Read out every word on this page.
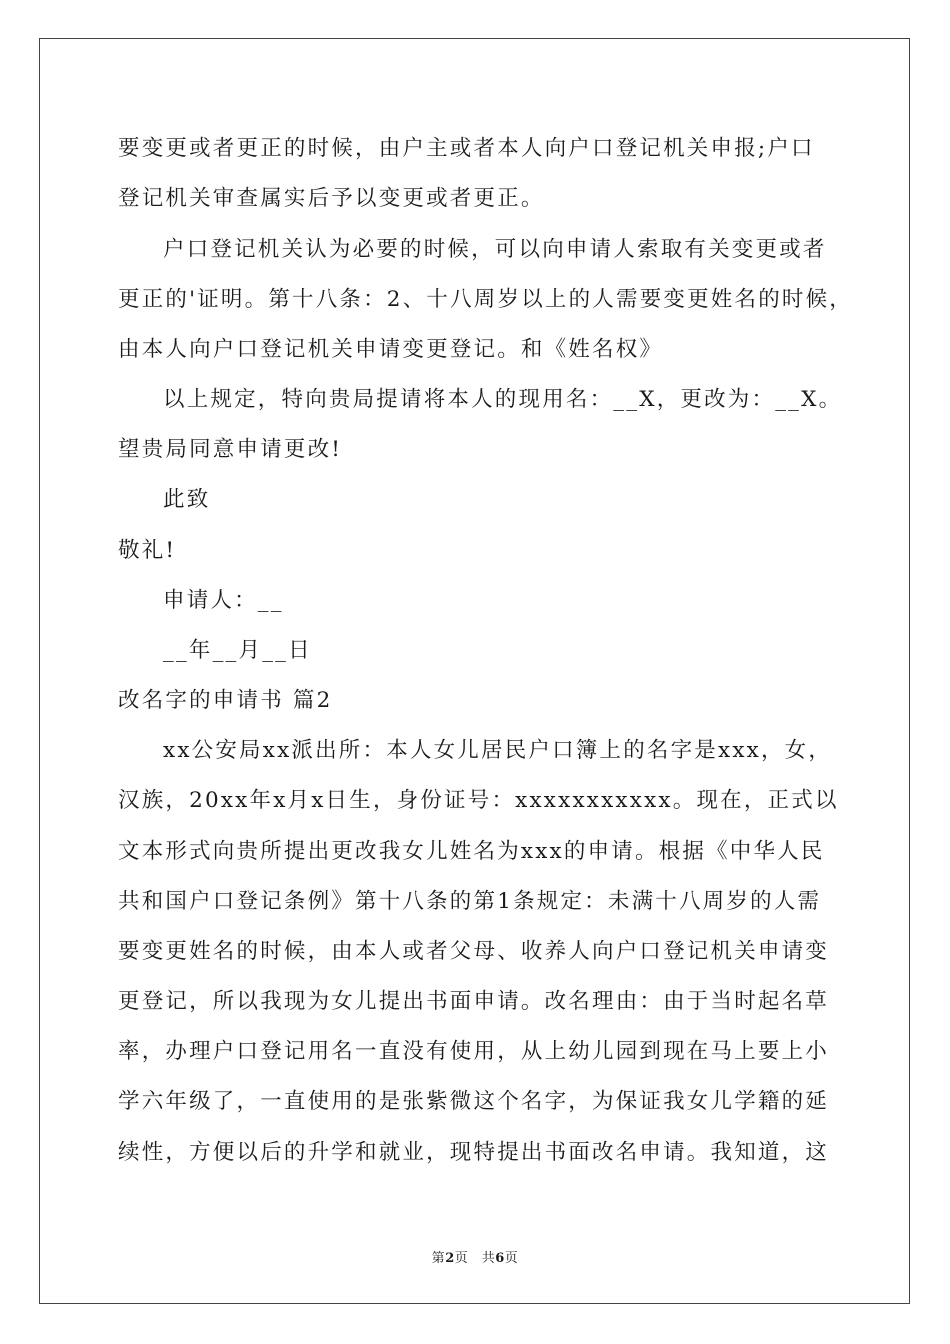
要变更或者更正的时候，由户主或者本人向户口登记机关申报;户口
登记机关审查属实后予以变更或者更正。
户口登记机关认为必要的时候，可以向申请人索取有关变更或者
更正的'证明。第十八条：2、十八周岁以上的人需要变更姓名的时候，
由本人向户口登记机关申请变更登记。和《姓名权》
以上规定，特向贵局提请将本人的现用名：__X，更改为：__X。
望贵局同意申请更改!
此致
敬礼!
申请人：__
__年__月__日
改名字的申请书 篇2
xx公安局xx派出所：本人女儿居民户口簿上的名字是xxx，女，
汉族，20xx年x月x日生，身份证号：xxxxxxxxxxx。现在，正式以
文本形式向贵所提出更改我女儿姓名为xxx的申请。根据《中华人民
共和国户口登记条例》第十八条的第1条规定：未满十八周岁的人需
要变更姓名的时候，由本人或者父母、收养人向户口登记机关申请变
更登记，所以我现为女儿提出书面申请。改名理由：由于当时起名草
率，办理户口登记用名一直没有使用，从上幼儿园到现在马上要上小
学六年级了，一直使用的是张紫微这个名字，为保证我女儿学籍的延
续性，方便以后的升学和就业，现特提出书面改名申请。我知道，这
第2页　共6页
